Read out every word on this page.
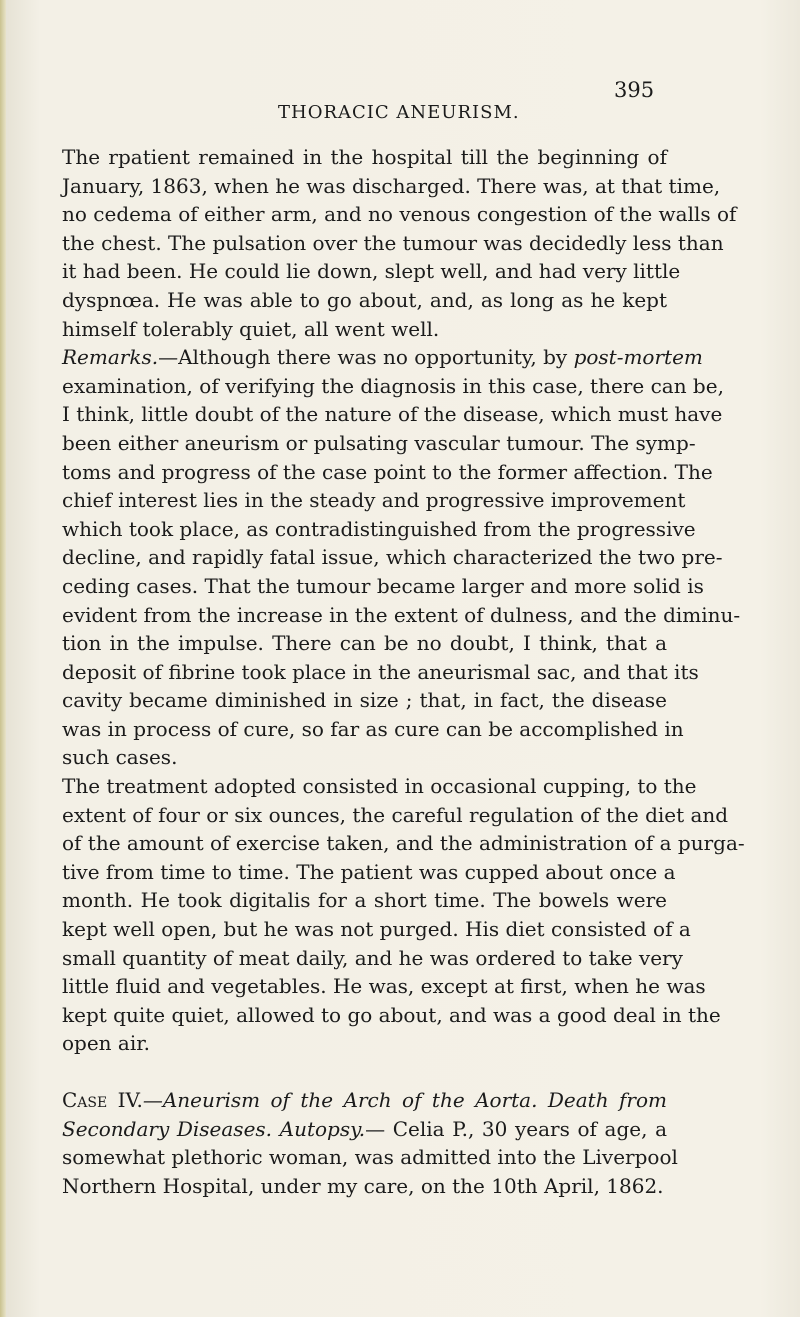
THORACIC ANEURISM.
395

The rpatient remained in the hospital till the beginning of
January, 1863, when he was discharged. There was, at that time,
no cedema of either arm, and no venous congestion of the walls of
the chest. The pulsation over the tumour was decidedly less than
it had been. He could lie down, slept well, and had very little
dyspnœa. He was able to go about, and, as long as he kept
himself tolerably quiet, all went well.

Remarks.—Although there was no opportunity, by post-mortem
examination, of verifying the diagnosis in this case, there can be,
I think, little doubt of the nature of the disease, which must have
been either aneurism or pulsating vascular tumour. The symp-
toms and progress of the case point to the former affection. The
chief interest lies in the steady and progressive improvement
which took place, as contradistinguished from the progressive
decline, and rapidly fatal issue, which characterized the two pre-
ceding cases. That the tumour became larger and more solid is
evident from the increase in the extent of dulness, and the diminu-
tion in the impulse. There can be no doubt, I think, that a
deposit of fibrine took place in the aneurismal sac, and that its
cavity became diminished in size ; that, in fact, the disease
was in process of cure, so far as cure can be accomplished in
such cases.

The treatment adopted consisted in occasional cupping, to the
extent of four or six ounces, the careful regulation of the diet and
of the amount of exercise taken, and the administration of a purga-
tive from time to time. The patient was cupped about once a
month. He took digitalis for a short time. The bowels were
kept well open, but he was not purged. His diet consisted of a
small quantity of meat daily, and he was ordered to take very
little fluid and vegetables. He was, except at first, when he was
kept quite quiet, allowed to go about, and was a good deal in the
open air.

Case IV.—Aneurism of the Arch of the Aorta. Death from
Secondary Diseases. Autopsy.— Celia P., 30 years of age, a
somewhat plethoric woman, was admitted into the Liverpool
Northern Hospital, under my care, on the 10th April, 1862.
